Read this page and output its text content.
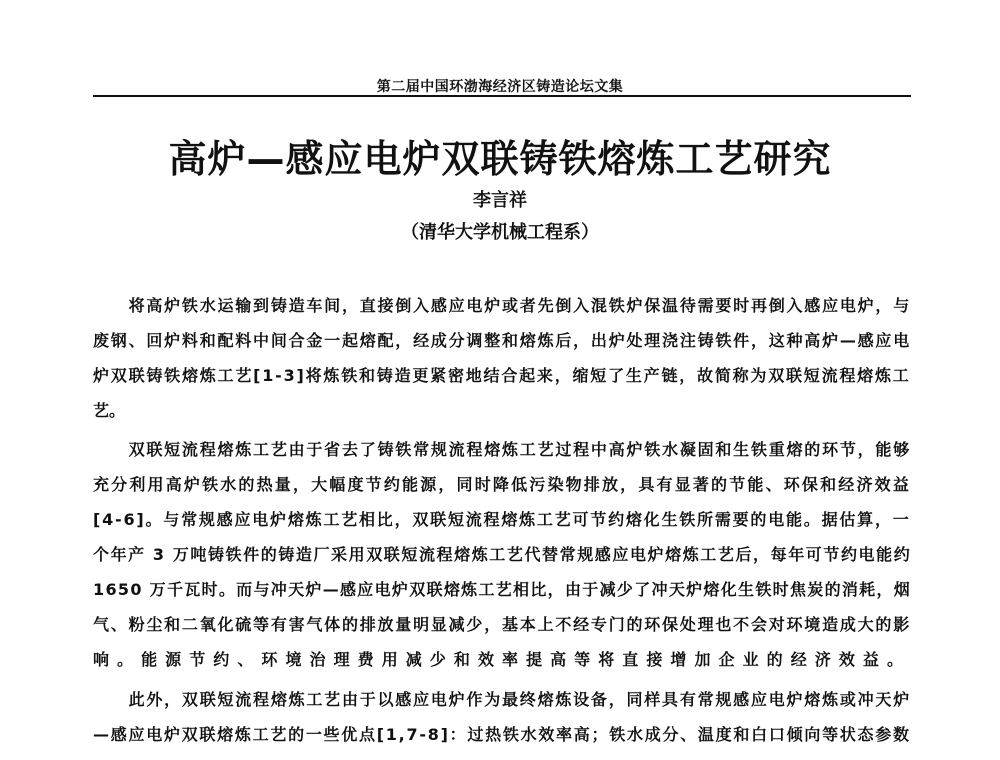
第二届中国环渤海经济区铸造论坛文集
高炉—感应电炉双联铸铁熔炼工艺研究
李言祥
（清华大学机械工程系）
　　将高炉铁水运输到铸造车间，直接倒入感应电炉或者先倒入混铁炉保温待需要时再倒入感应电炉，与
废钢、回炉料和配料中间合金一起熔配，经成分调整和熔炼后，出炉处理浇注铸铁件，这种高炉—感应电
炉双联铸铁熔炼工艺[1-3]将炼铁和铸造更紧密地结合起来，缩短了生产链，故简称为双联短流程熔炼工
艺。
　　双联短流程熔炼工艺由于省去了铸铁常规流程熔炼工艺过程中高炉铁水凝固和生铁重熔的环节，能够
充分利用高炉铁水的热量，大幅度节约能源，同时降低污染物排放，具有显著的节能、环保和经济效益
[4-6]。与常规感应电炉熔炼工艺相比，双联短流程熔炼工艺可节约熔化生铁所需要的电能。据估算，一
个年产 3 万吨铸铁件的铸造厂采用双联短流程熔炼工艺代替常规感应电炉熔炼工艺后，每年可节约电能约
1650 万千瓦时。而与冲天炉—感应电炉双联熔炼工艺相比，由于减少了冲天炉熔化生铁时焦炭的消耗，烟
气、粉尘和二氧化硫等有害气体的排放量明显减少，基本上不经专门的环保处理也不会对环境造成大的影
响。能源节约、环境治理费用减少和效率提高等将直接增加企业的经济效益。
　　此外，双联短流程熔炼工艺由于以感应电炉作为最终熔炼设备，同样具有常规感应电炉熔炼或冲天炉
—感应电炉双联熔炼工艺的一些优点[1,7-8]：过热铁水效率高；铁水成分、温度和白口倾向等状态参数
